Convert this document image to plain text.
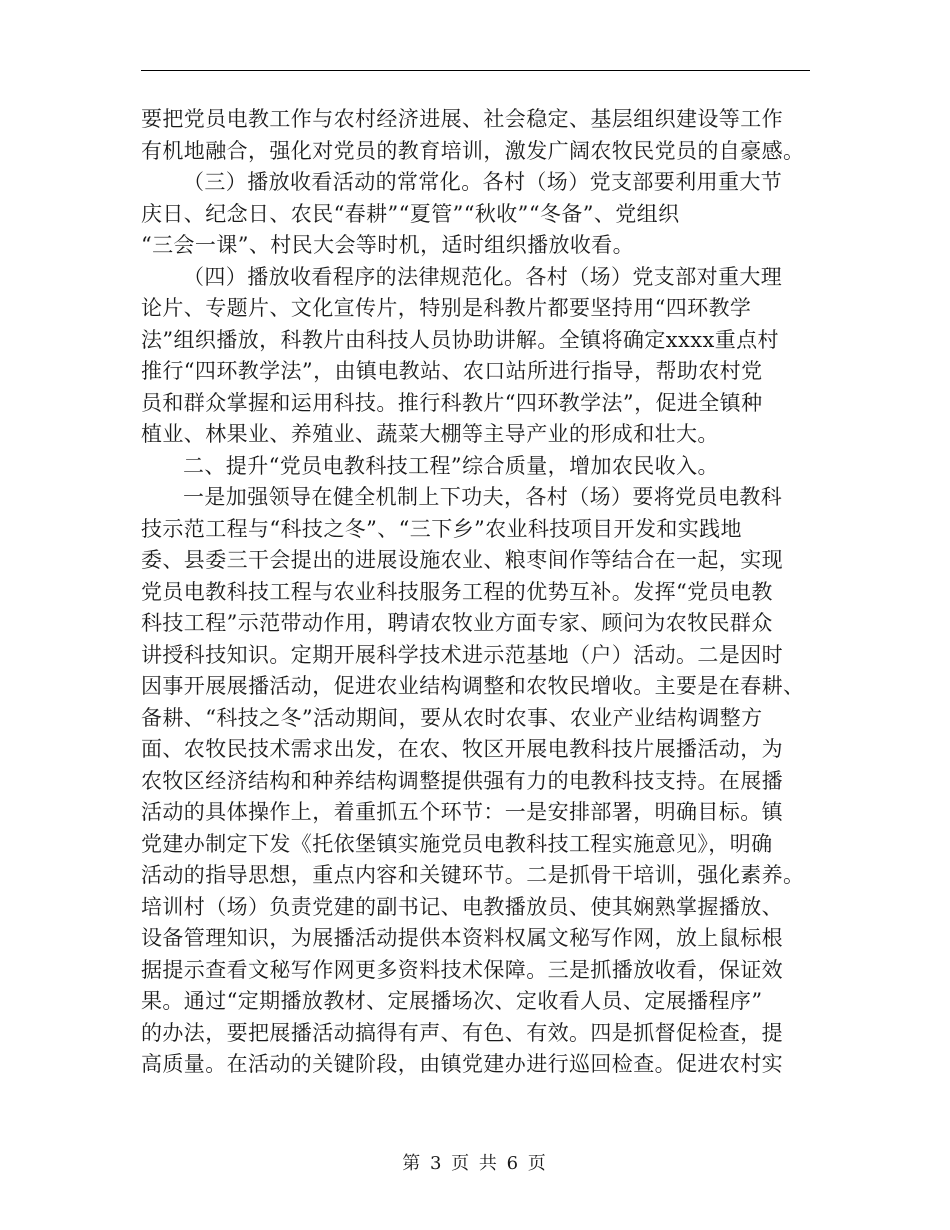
要把党员电教工作与农村经济进展、社会稳定、基层组织建设等工作
有机地融合，强化对党员的教育培训，激发广阔农牧民党员的自豪感。
（三）播放收看活动的常常化。各村（场）党支部要利用重大节
庆日、纪念日、农民“春耕”“夏管”“秋收”“冬备”、党组织
“三会一课”、村民大会等时机，适时组织播放收看。
（四）播放收看程序的法律规范化。各村（场）党支部对重大理
论片、专题片、文化宣传片，特别是科教片都要坚持用“四环教学
法”组织播放，科教片由科技人员协助讲解。全镇将确定xxxx重点村
推行“四环教学法”，由镇电教站、农口站所进行指导，帮助农村党
员和群众掌握和运用科技。推行科教片“四环教学法”，促进全镇种
植业、林果业、养殖业、蔬菜大棚等主导产业的形成和壮大。
二、提升“党员电教科技工程”综合质量，增加农民收入。
一是加强领导在健全机制上下功夫，各村（场）要将党员电教科
技示范工程与“科技之冬”、“三下乡”农业科技项目开发和实践地
委、县委三干会提出的进展设施农业、粮枣间作等结合在一起，实现
党员电教科技工程与农业科技服务工程的优势互补。发挥“党员电教
科技工程”示范带动作用，聘请农牧业方面专家、顾问为农牧民群众
讲授科技知识。定期开展科学技术进示范基地（户）活动。二是因时
因事开展展播活动，促进农业结构调整和农牧民增收。主要是在春耕、
备耕、“科技之冬”活动期间，要从农时农事、农业产业结构调整方
面、农牧民技术需求出发，在农、牧区开展电教科技片展播活动，为
农牧区经济结构和种养结构调整提供强有力的电教科技支持。在展播
活动的具体操作上，着重抓五个环节：一是安排部署，明确目标。镇
党建办制定下发《托依堡镇实施党员电教科技工程实施意见》，明确
活动的指导思想，重点内容和关键环节。二是抓骨干培训，强化素养。
培训村（场）负责党建的副书记、电教播放员、使其娴熟掌握播放、
设备管理知识，为展播活动提供本资料权属文秘写作网，放上鼠标根
据提示查看文秘写作网更多资料技术保障。三是抓播放收看，保证效
果。通过“定期播放教材、定展播场次、定收看人员、定展播程序”
的办法，要把展播活动搞得有声、有色、有效。四是抓督促检查，提
高质量。在活动的关键阶段，由镇党建办进行巡回检查。促进农村实
第 3 页 共 6 页
